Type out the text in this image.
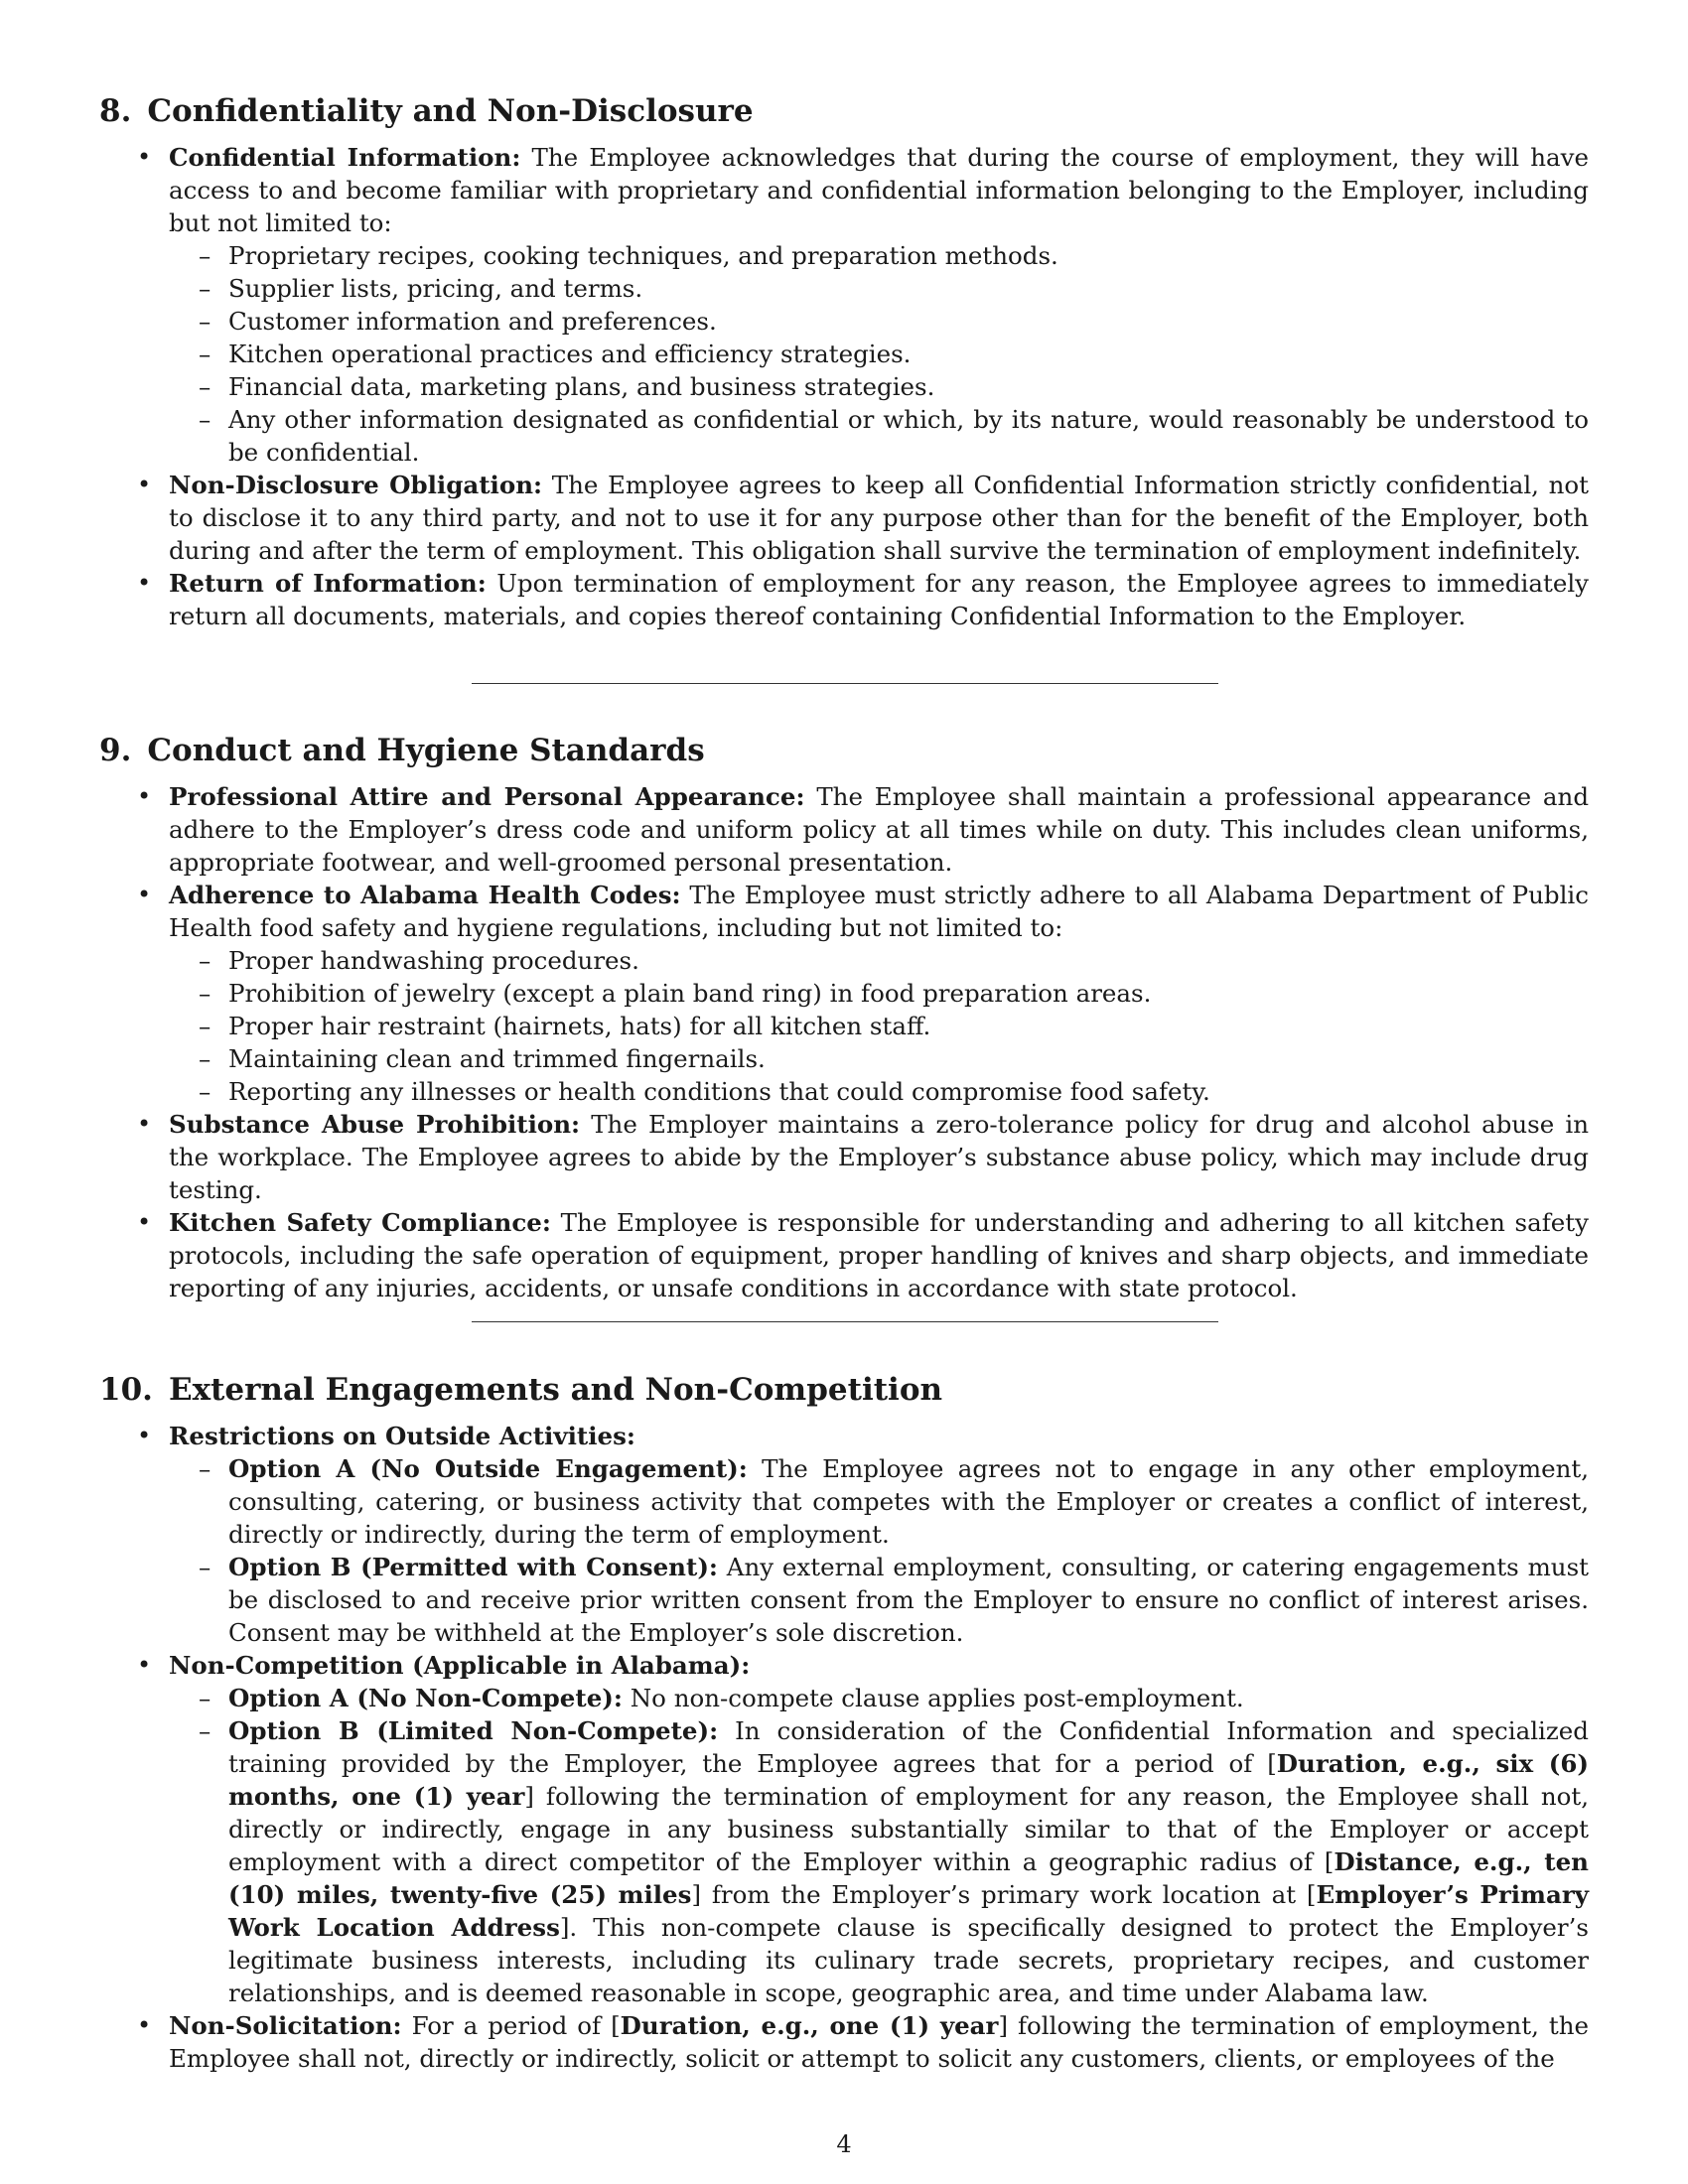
8. Confidentiality and Non-Disclosure
• Confidential Information: The Employee acknowledges that during the course of employment, they will have access to and become familiar with proprietary and confidential information belonging to the Employer, including but not limited to:
– Proprietary recipes, cooking techniques, and preparation methods.
– Supplier lists, pricing, and terms.
– Customer information and preferences.
– Kitchen operational practices and efficiency strategies.
– Financial data, marketing plans, and business strategies.
– Any other information designated as confidential or which, by its nature, would reasonably be understood to be confidential.
• Non-Disclosure Obligation: The Employee agrees to keep all Confidential Information strictly confidential, not to disclose it to any third party, and not to use it for any purpose other than for the benefit of the Employer, both during and after the term of employment. This obligation shall survive the termination of employment indefinitely.
• Return of Information: Upon termination of employment for any reason, the Employee agrees to immediately return all documents, materials, and copies thereof containing Confidential Information to the Employer.
9. Conduct and Hygiene Standards
• Professional Attire and Personal Appearance: The Employee shall maintain a professional appearance and adhere to the Employer’s dress code and uniform policy at all times while on duty. This includes clean uniforms, appropriate footwear, and well-groomed personal presentation.
• Adherence to Alabama Health Codes: The Employee must strictly adhere to all Alabama Department of Public Health food safety and hygiene regulations, including but not limited to:
– Proper handwashing procedures.
– Prohibition of jewelry (except a plain band ring) in food preparation areas.
– Proper hair restraint (hairnets, hats) for all kitchen staff.
– Maintaining clean and trimmed fingernails.
– Reporting any illnesses or health conditions that could compromise food safety.
• Substance Abuse Prohibition: The Employer maintains a zero-tolerance policy for drug and alcohol abuse in the workplace. The Employee agrees to abide by the Employer’s substance abuse policy, which may include drug testing.
• Kitchen Safety Compliance: The Employee is responsible for understanding and adhering to all kitchen safety protocols, including the safe operation of equipment, proper handling of knives and sharp objects, and immediate reporting of any injuries, accidents, or unsafe conditions in accordance with state protocol.
10. External Engagements and Non-Competition
• Restrictions on Outside Activities:
– Option A (No Outside Engagement): The Employee agrees not to engage in any other employment, consulting, catering, or business activity that competes with the Employer or creates a conflict of interest, directly or indirectly, during the term of employment.
– Option B (Permitted with Consent): Any external employment, consulting, or catering engagements must be disclosed to and receive prior written consent from the Employer to ensure no conflict of interest arises. Consent may be withheld at the Employer’s sole discretion.
• Non-Competition (Applicable in Alabama):
– Option A (No Non-Compete): No non-compete clause applies post-employment.
– Option B (Limited Non-Compete): In consideration of the Confidential Information and specialized training provided by the Employer, the Employee agrees that for a period of [Duration, e.g., six (6) months, one (1) year] following the termination of employment for any reason, the Employee shall not, directly or indirectly, engage in any business substantially similar to that of the Employer or accept employment with a direct competitor of the Employer within a geographic radius of [Distance, e.g., ten (10) miles, twenty-five (25) miles] from the Employer’s primary work location at [Employer’s Primary Work Location Address]. This non-compete clause is specifically designed to protect the Employer’s legitimate business interests, including its culinary trade secrets, proprietary recipes, and customer relationships, and is deemed reasonable in scope, geographic area, and time under Alabama law.
• Non-Solicitation: For a period of [Duration, e.g., one (1) year] following the termination of employment, the Employee shall not, directly or indirectly, solicit or attempt to solicit any customers, clients, or employees of the
4
